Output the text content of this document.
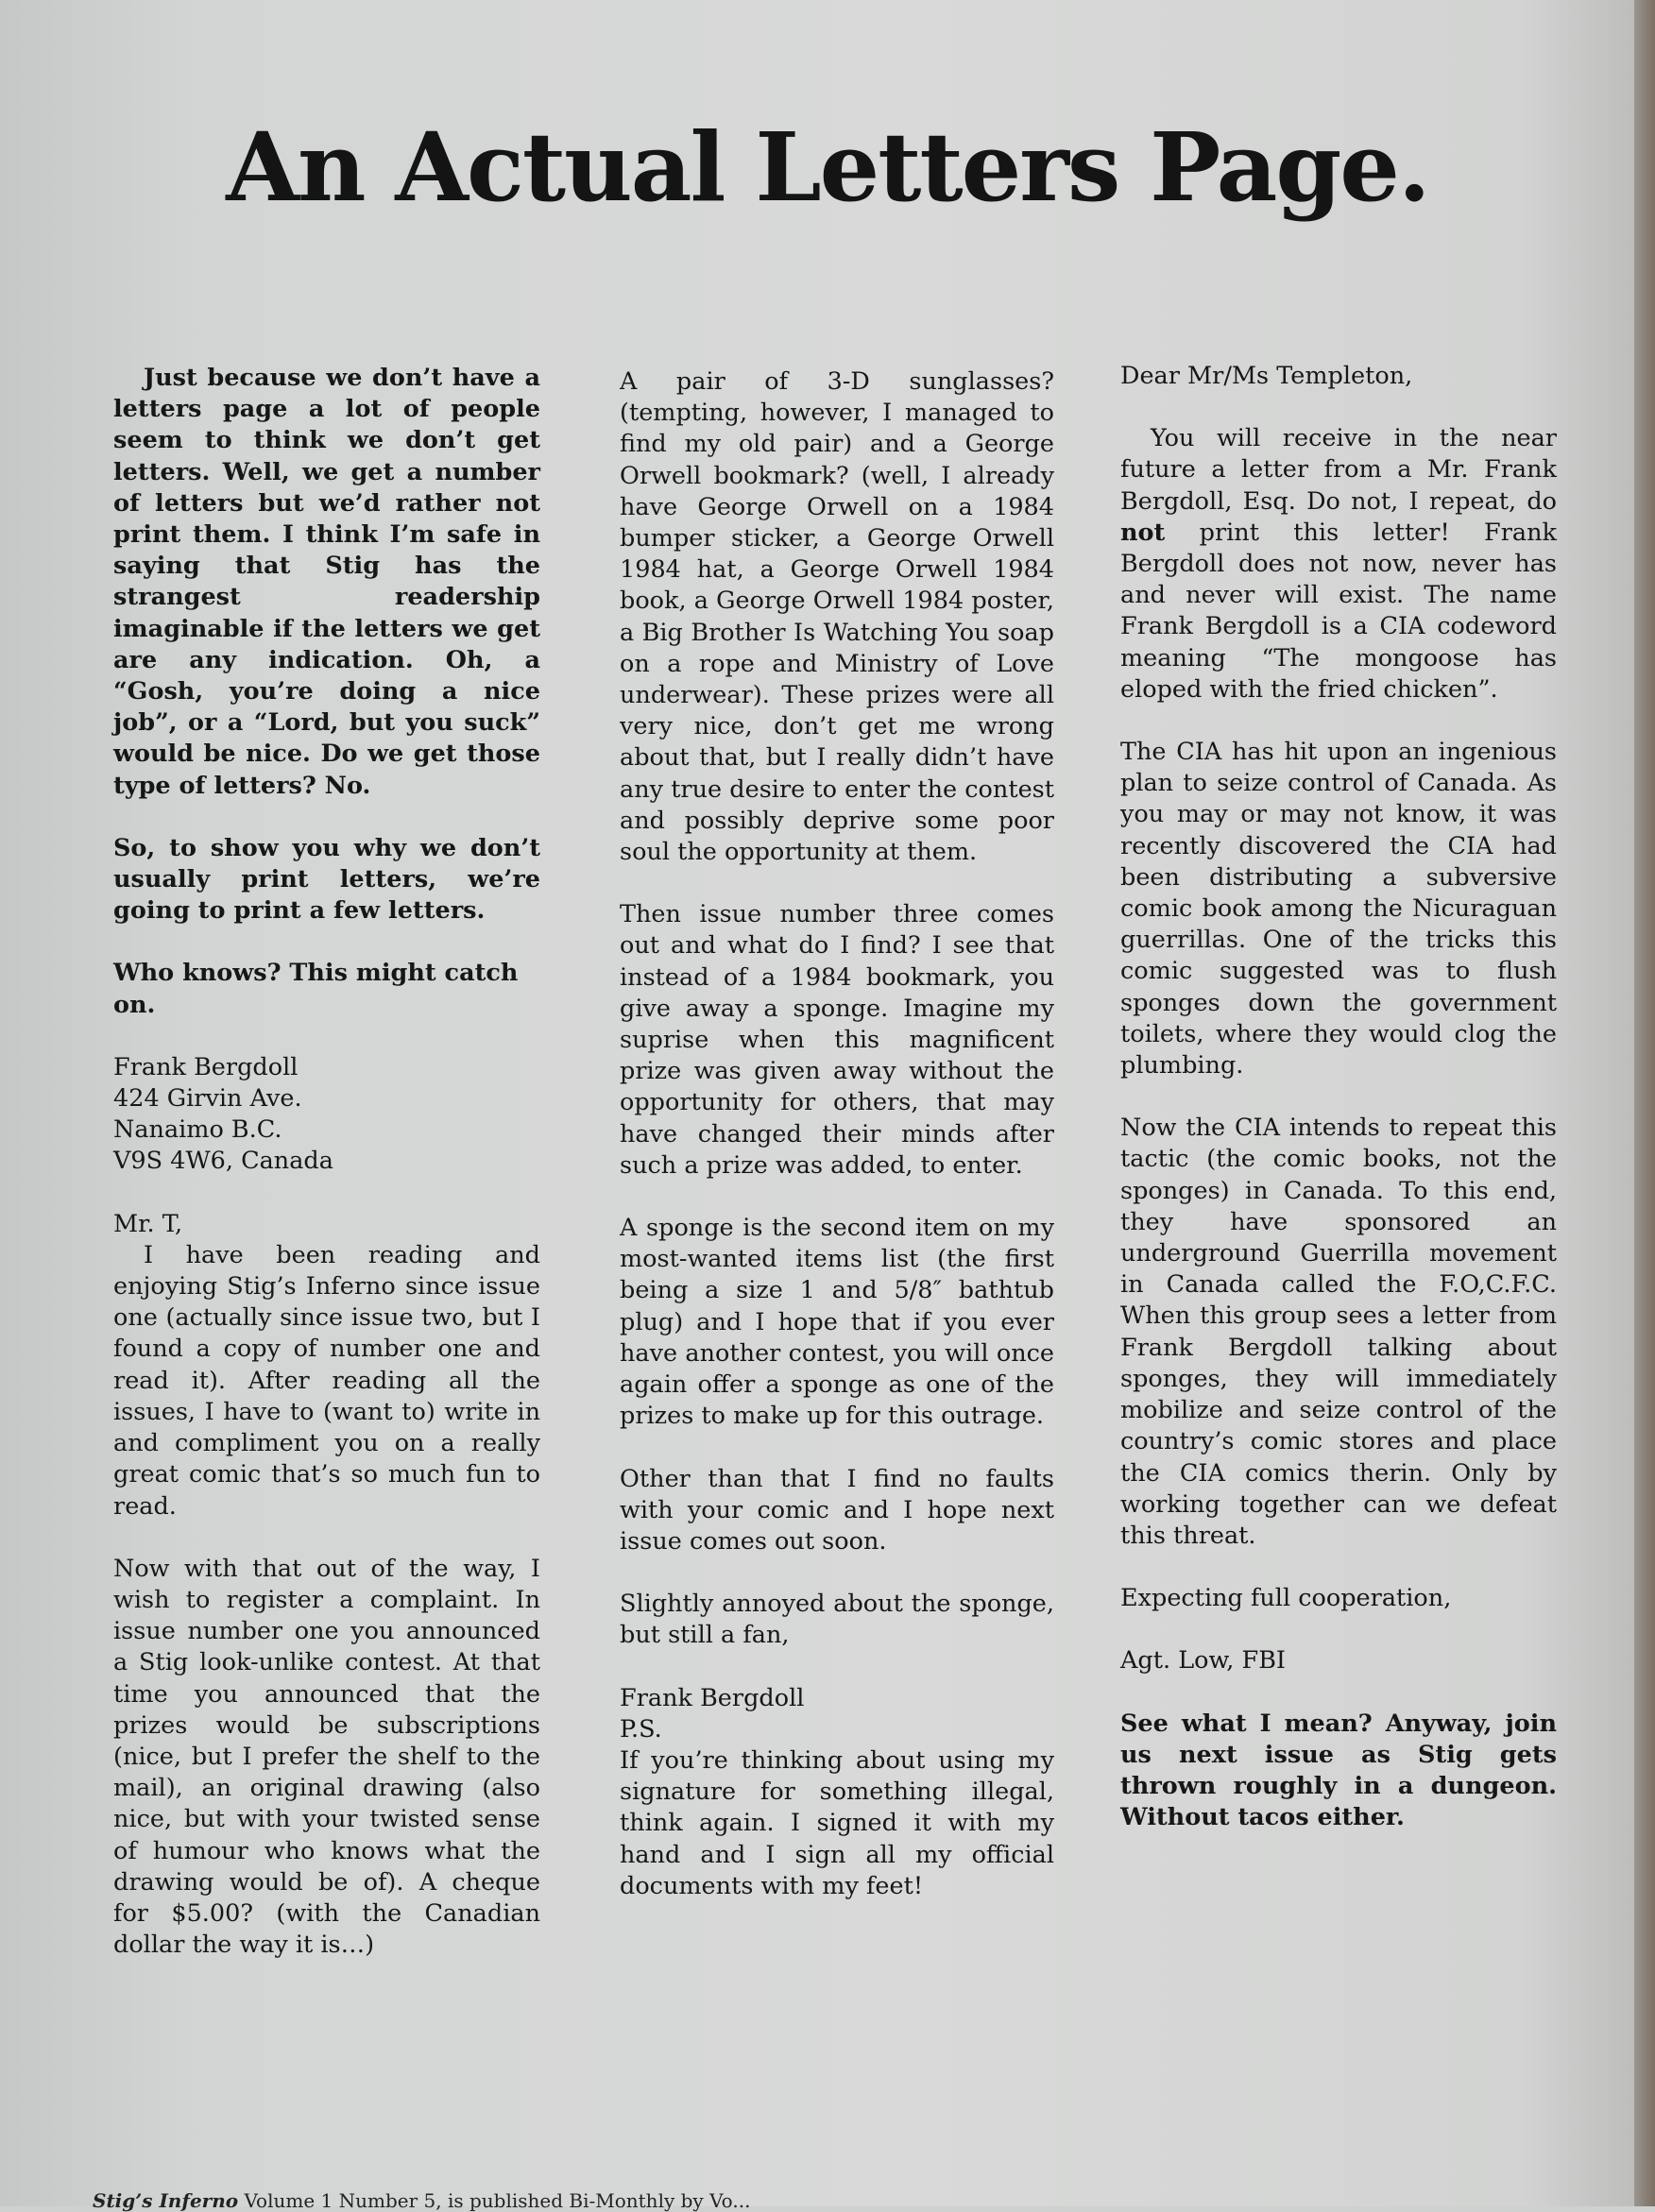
An Actual Letters Page.

Just because we don’t have a letters page a lot of people seem to think we don’t get letters. Well, we get a number of letters but we’d rather not print them. I think I’m safe in saying that Stig has the strangest readership imaginable if the letters we get are any indication. Oh, a “Gosh, you’re doing a nice job”, or a “Lord, but you suck” would be nice. Do we get those type of letters? No.

So, to show you why we don’t usually print letters, we’re going to print a few letters.

Who knows? This might catch on.

Frank Bergdoll
424 Girvin Ave.
Nanaimo B.C.
V9S 4W6, Canada

Mr. T,

I have been reading and enjoying Stig’s Inferno since issue one (actually since issue two, but I found a copy of number one and read it). After reading all the issues, I have to (want to) write in and compliment you on a really great comic that’s so much fun to read.

Now with that out of the way, I wish to register a complaint. In issue number one you announced a Stig look-unlike contest. At that time you announced that the prizes would be subscriptions (nice, but I prefer the shelf to the mail), an original drawing (also nice, but with your twisted sense of humour who knows what the drawing would be of). A cheque for $5.00? (with the Canadian dollar the way it is…)

A pair of 3-D sunglasses? (tempting, however, I managed to find my old pair) and a George Orwell bookmark? (well, I already have George Orwell on a 1984 bumper sticker, a George Orwell 1984 hat, a George Orwell 1984 book, a George Orwell 1984 poster, a Big Brother Is Watching You soap on a rope and Ministry of Love underwear). These prizes were all very nice, don’t get me wrong about that, but I really didn’t have any true desire to enter the contest and possibly deprive some poor soul the opportunity at them.

Then issue number three comes out and what do I find? I see that instead of a 1984 bookmark, you give away a sponge. Imagine my suprise when this magnificent prize was given away without the opportunity for others, that may have changed their minds after such a prize was added, to enter.

A sponge is the second item on my most-wanted items list (the first being a size 1 and 5/8″ bathtub plug) and I hope that if you ever have another contest, you will once again offer a sponge as one of the prizes to make up for this outrage.

Other than that I find no faults with your comic and I hope next issue comes out soon.

Slightly annoyed about the sponge, but still a fan,

Frank Bergdoll
P.S.
If you’re thinking about using my signature for something illegal, think again. I signed it with my hand and I sign all my official documents with my feet!

Dear Mr/Ms Templeton,

You will receive in the near future a letter from a Mr. Frank Bergdoll, Esq. Do not, I repeat, do not print this letter! Frank Bergdoll does not now, never has and never will exist. The name Frank Bergdoll is a CIA codeword meaning “The mongoose has eloped with the fried chicken”.

The CIA has hit upon an ingenious plan to seize control of Canada. As you may or may not know, it was recently discovered the CIA had been distributing a subversive comic book among the Nicuraguan guerrillas. One of the tricks this comic suggested was to flush sponges down the government toilets, where they would clog the plumbing.

Now the CIA intends to repeat this tactic (the comic books, not the sponges) in Canada. To this end, they have sponsored an underground Guerrilla movement in Canada called the F.O,C.F.C. When this group sees a letter from Frank Bergdoll talking about sponges, they will immediately mobilize and seize control of the country’s comic stores and place the CIA comics therin. Only by working together can we defeat this threat.

Expecting full cooperation,

Agt. Low, FBI

See what I mean? Anyway, join us next issue as Stig gets thrown roughly in a dungeon. Without tacos either.

Stig’s Inferno Volume 1 Number 5, is published Bi-Monthly by Vo...
